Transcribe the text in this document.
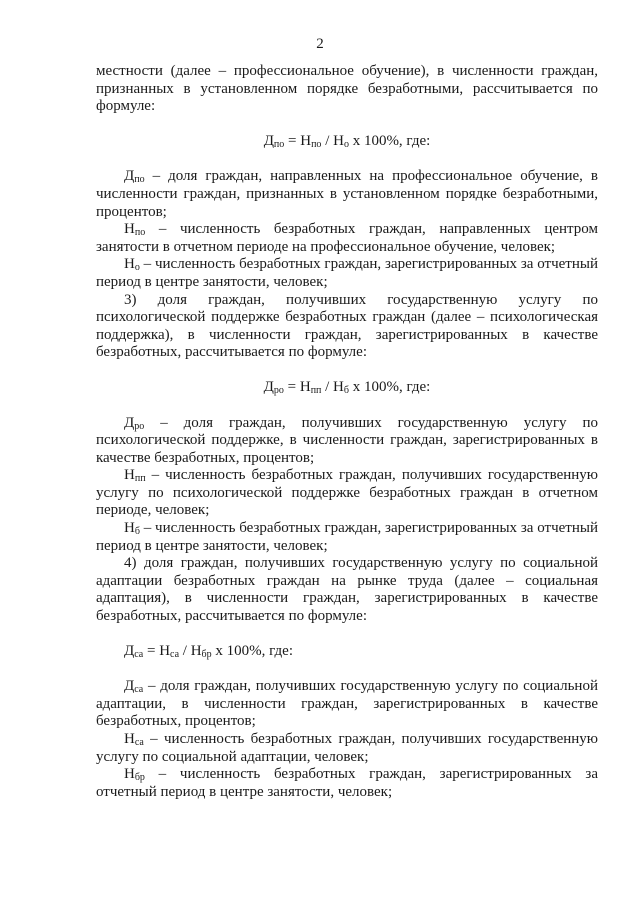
2

местности (далее – профессиональное обучение), в численности граждан, признанных в установленном порядке безработными, рассчитывается по формуле:

$Д_{по} = Н_{по} / Н_о$ х 100%, где:

$Д_{по}$ – доля граждан, направленных на профессиональное обучение, в численности граждан, признанных в установленном порядке безработными, процентов;

$Н_{по}$ – численность безработных граждан, направленных центром занятости в отчетном периоде на профессиональное обучение, человек;

$Н_о$ – численность безработных граждан, зарегистрированных за отчетный период в центре занятости, человек;

3) доля граждан, получивших государственную услугу по психологической поддержке безработных граждан (далее – психологическая поддержка), в численности граждан, зарегистрированных в качестве безработных, рассчитывается по формуле:

$Д_{ро} = Н_{пп} / Н_б$ х 100%, где:

$Д_{ро}$ – доля граждан, получивших государственную услугу по психологической поддержке, в численности граждан, зарегистрированных в качестве безработных, процентов;

$Н_{пп}$ – численность безработных граждан, получивших государственную услугу по психологической поддержке безработных граждан в отчетном периоде, человек;

$Н_б$ – численность безработных граждан, зарегистрированных за отчетный период в центре занятости, человек;

4) доля граждан, получивших государственную услугу по социальной адаптации безработных граждан на рынке труда (далее – социальная адаптация), в численности граждан, зарегистрированных в качестве безработных, рассчитывается по формуле:

$Д_{са} = Н_{са} / Н_{бр}$ х 100%, где:

$Д_{са}$ – доля граждан, получивших государственную услугу по социальной адаптации, в численности граждан, зарегистрированных в качестве безработных, процентов;

$Н_{са}$ – численность безработных граждан, получивших государственную услугу по социальной адаптации, человек;

$Н_{бр}$ – численность безработных граждан, зарегистрированных за отчетный период в центре занятости, человек;
